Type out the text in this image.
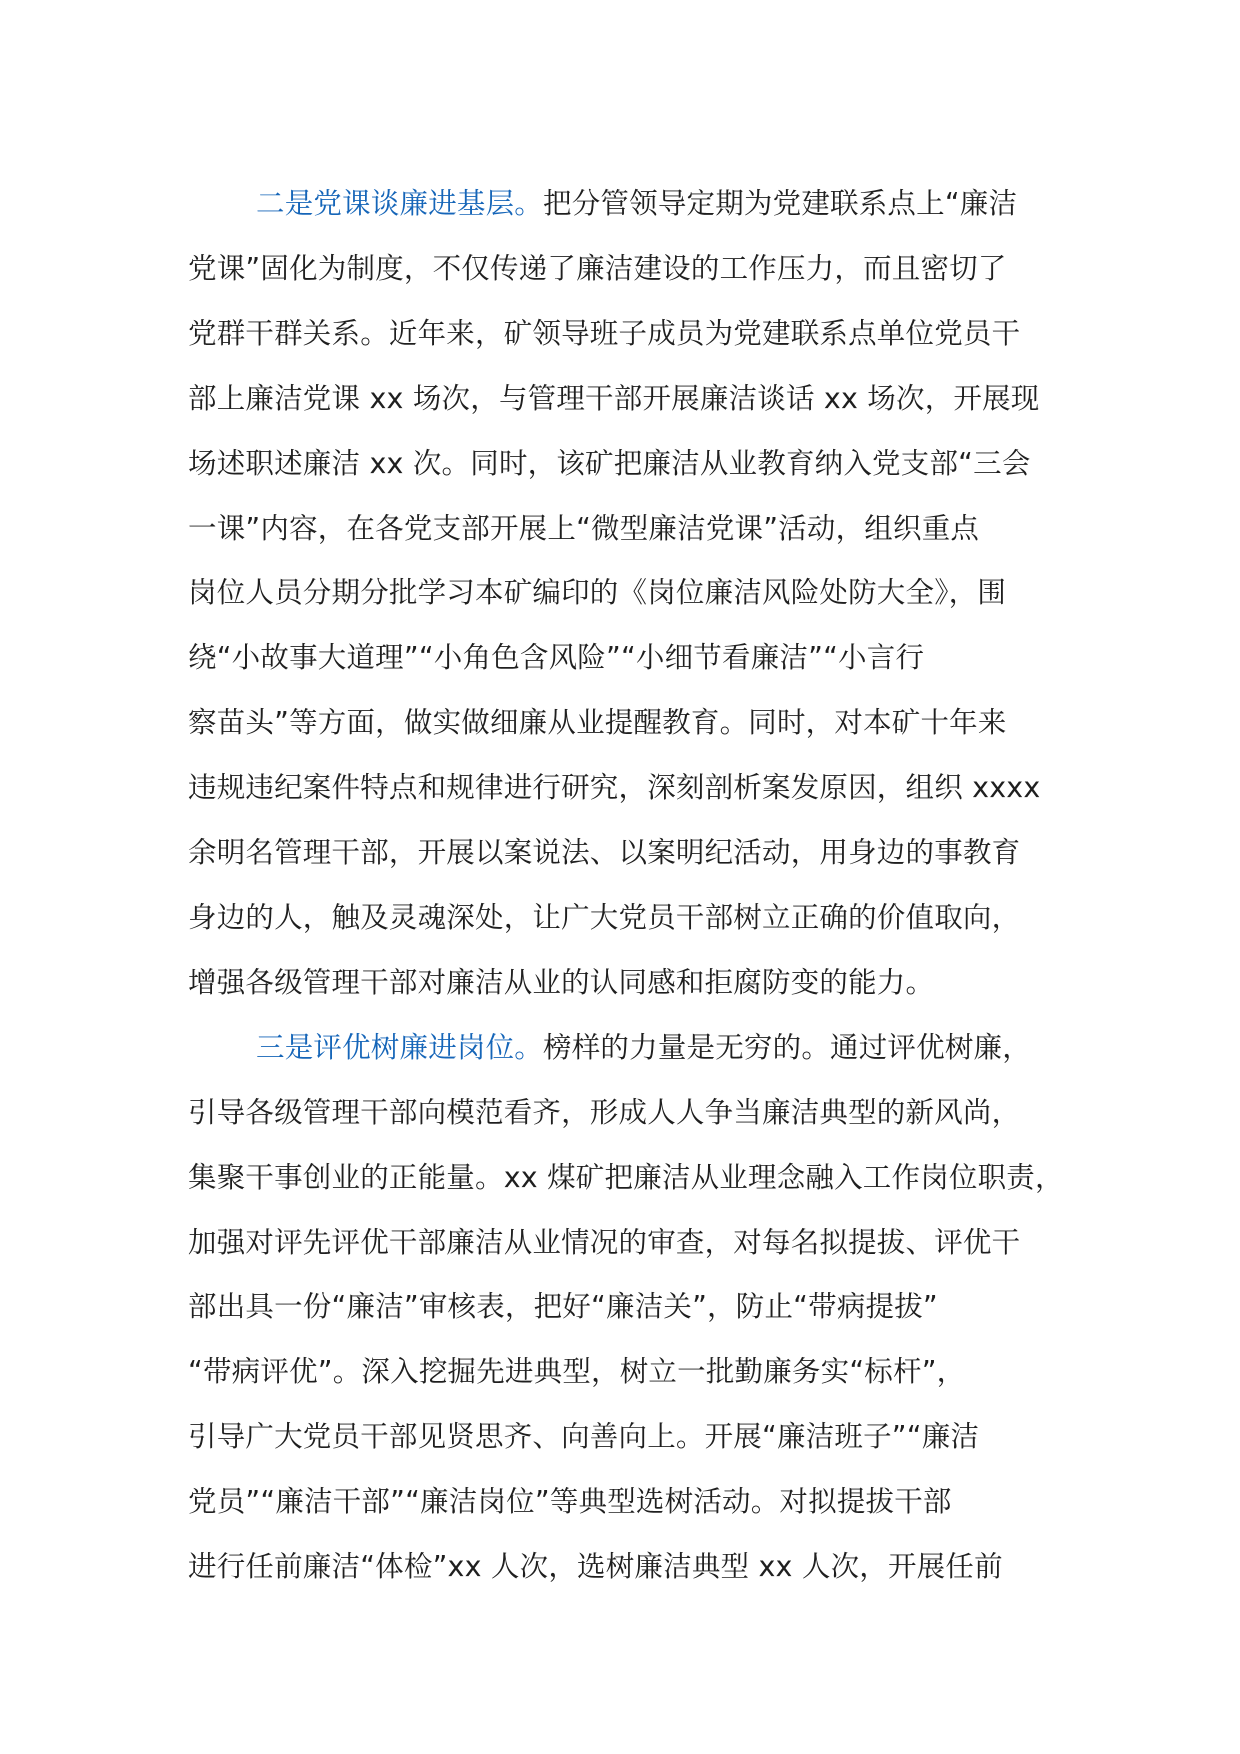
二是党课谈廉进基层。把分管领导定期为党建联系点上“廉洁
党课”固化为制度，不仅传递了廉洁建设的工作压力，而且密切了
党群干群关系。近年来，矿领导班子成员为党建联系点单位党员干
部上廉洁党课 xx 场次，与管理干部开展廉洁谈话 xx 场次，开展现
场述职述廉洁 xx 次。同时，该矿把廉洁从业教育纳入党支部“三会
一课”内容，在各党支部开展上“微型廉洁党课”活动，组织重点
岗位人员分期分批学习本矿编印的《岗位廉洁风险处防大全》，围
绕“小故事大道理”“小角色含风险”“小细节看廉洁”“小言行
察苗头”等方面，做实做细廉从业提醒教育。同时，对本矿十年来
违规违纪案件特点和规律进行研究，深刻剖析案发原因，组织 xxxx
余明名管理干部，开展以案说法、以案明纪活动，用身边的事教育
身边的人，触及灵魂深处，让广大党员干部树立正确的价值取向，
增强各级管理干部对廉洁从业的认同感和拒腐防变的能力。

三是评优树廉进岗位。榜样的力量是无穷的。通过评优树廉，
引导各级管理干部向模范看齐，形成人人争当廉洁典型的新风尚，
集聚干事创业的正能量。xx 煤矿把廉洁从业理念融入工作岗位职责，
加强对评先评优干部廉洁从业情况的审查，对每名拟提拔、评优干
部出具一份“廉洁”审核表，把好“廉洁关”，防止“带病提拔”
“带病评优”。深入挖掘先进典型，树立一批勤廉务实“标杆”，
引导广大党员干部见贤思齐、向善向上。开展“廉洁班子”“廉洁
党员”“廉洁干部”“廉洁岗位”等典型选树活动。对拟提拔干部
进行任前廉洁“体检”xx 人次，选树廉洁典型 xx 人次，开展任前
